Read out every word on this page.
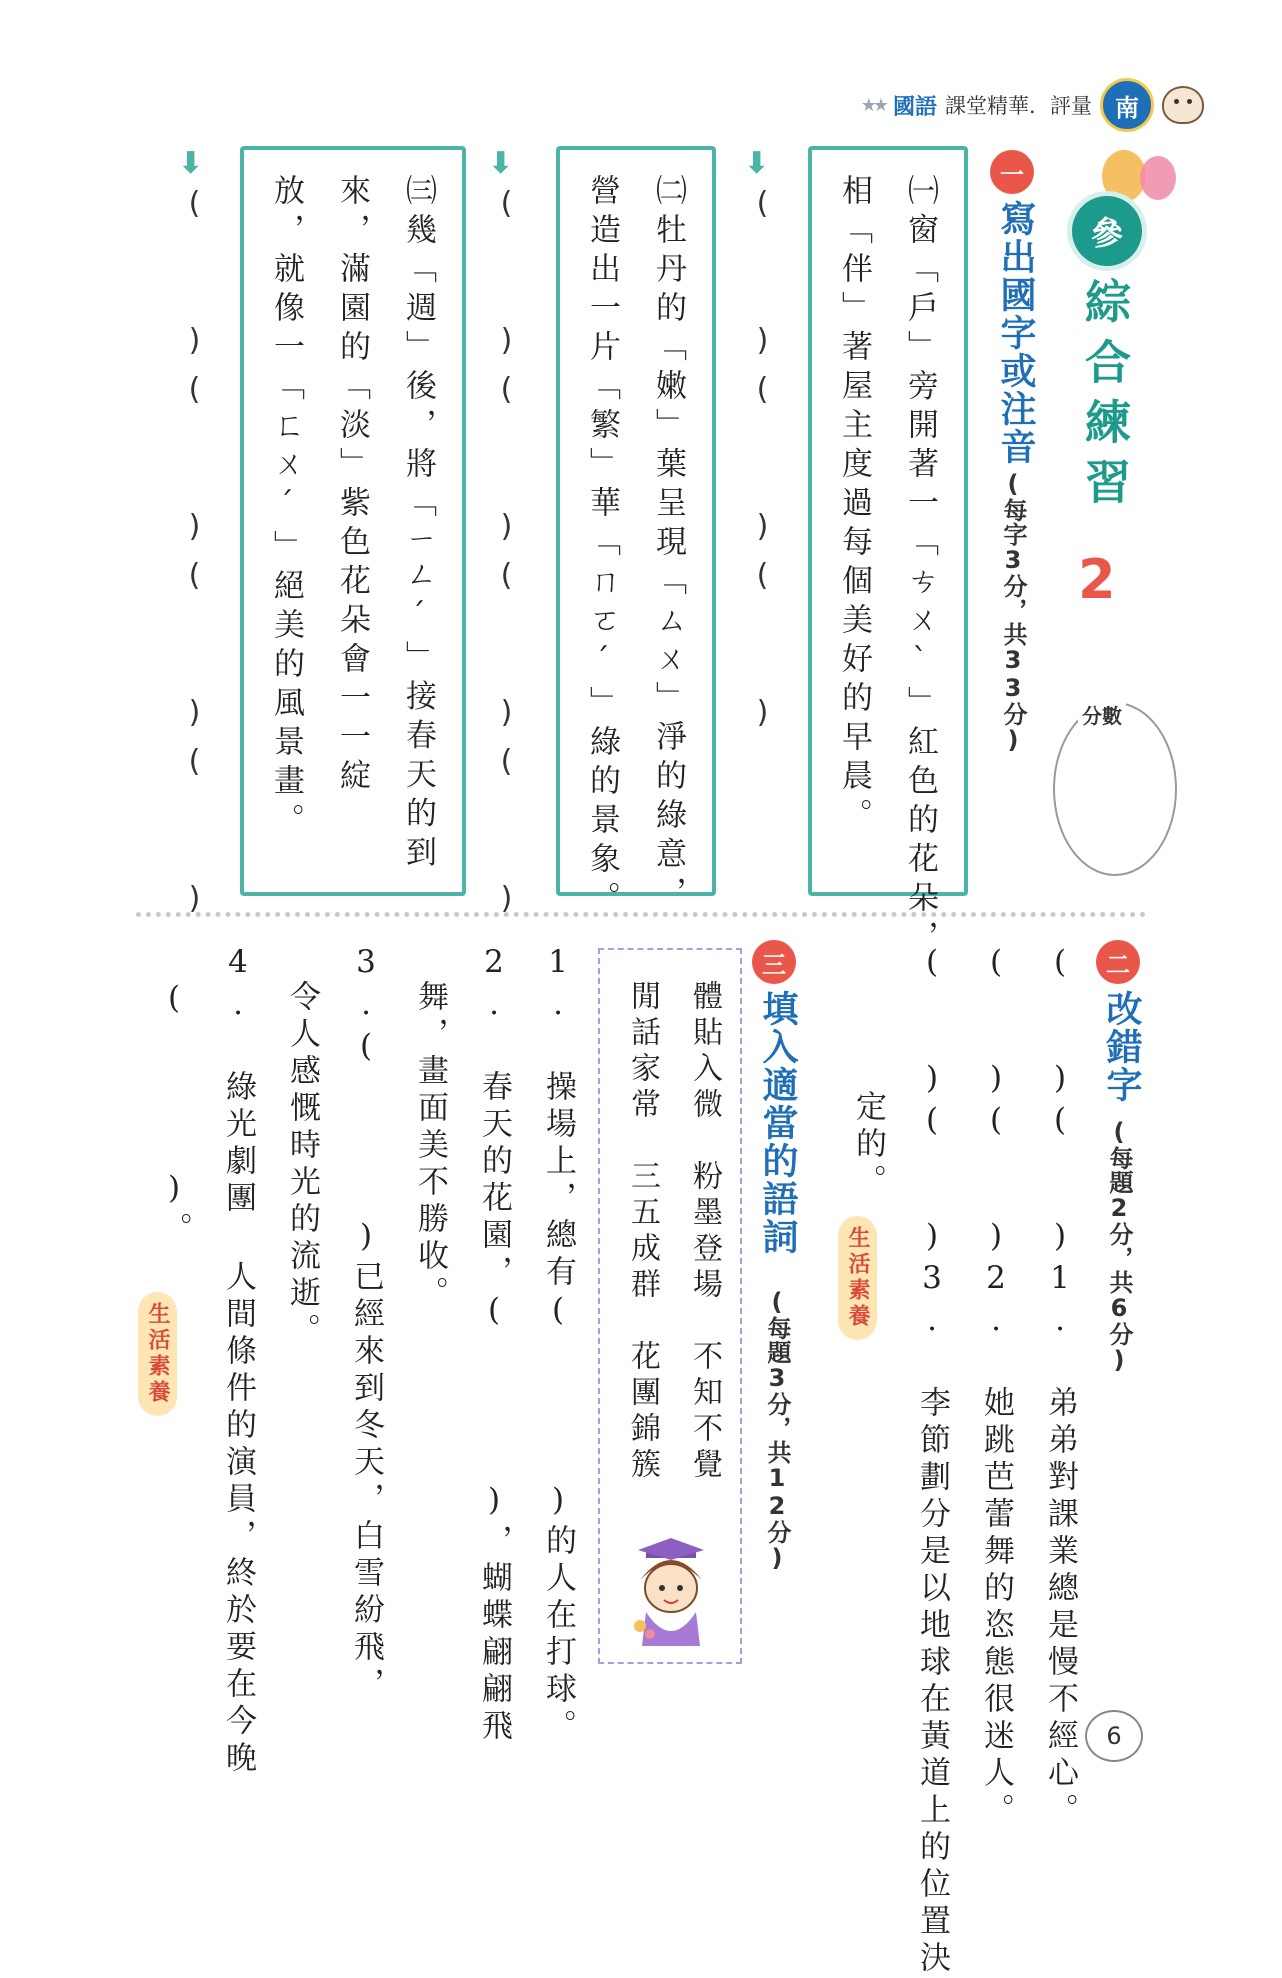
★★ 國語 課堂精華．評量 南
參
綜合練習
2
分數
一
寫出國字或注音
(每字3分，共33分)
㈠窗「戶」旁開著一「ㄘㄨˋ」紅色的花朵，
相「伴」著屋主度過每個美好的早晨。
⬇
(　　)(　　)(　　)
㈡牡丹的「嫩」葉呈現「ㄙㄨ」淨的綠意，
營造出一片「繁」華「ㄇㄛˊ」綠的景象。
⬇
(　　)(　　)(　　)(　　)
㈢幾「週」後，將「ㄧㄥˊ」接春天的到
來，滿園的「淡」紫色花朵會一一綻
放，就像一「ㄈㄨˊ」絕美的風景畫。
⬇
(　　)(　　)(　　)(　　)
二
改錯字
(每題2分，共6分)
(　　)(　　)1. 弟弟對課業總是慢不經心。
(　　)(　　)2. 她跳芭蕾舞的恣態很迷人。
(　　)(　　)3. 李節劃分是以地球在黃道上的位置決
定的。
生活素養
三
填入適當的語詞
(每題3分，共12分)
體貼入微　粉墨登場　不知不覺
閒話家常　三五成群　花團錦簇
1. 操場上，總有(　　　　)的人在打球。
2. 春天的花園，(　　　　)，蝴蝶翩翩飛
舞，畫面美不勝收。
3.(　　　　)已經來到冬天，白雪紛飛，
令人感慨時光的流逝。
4. 綠光劇團 人間條件的演員，終於要在今晚
(　　　　)。
生活素養
6
